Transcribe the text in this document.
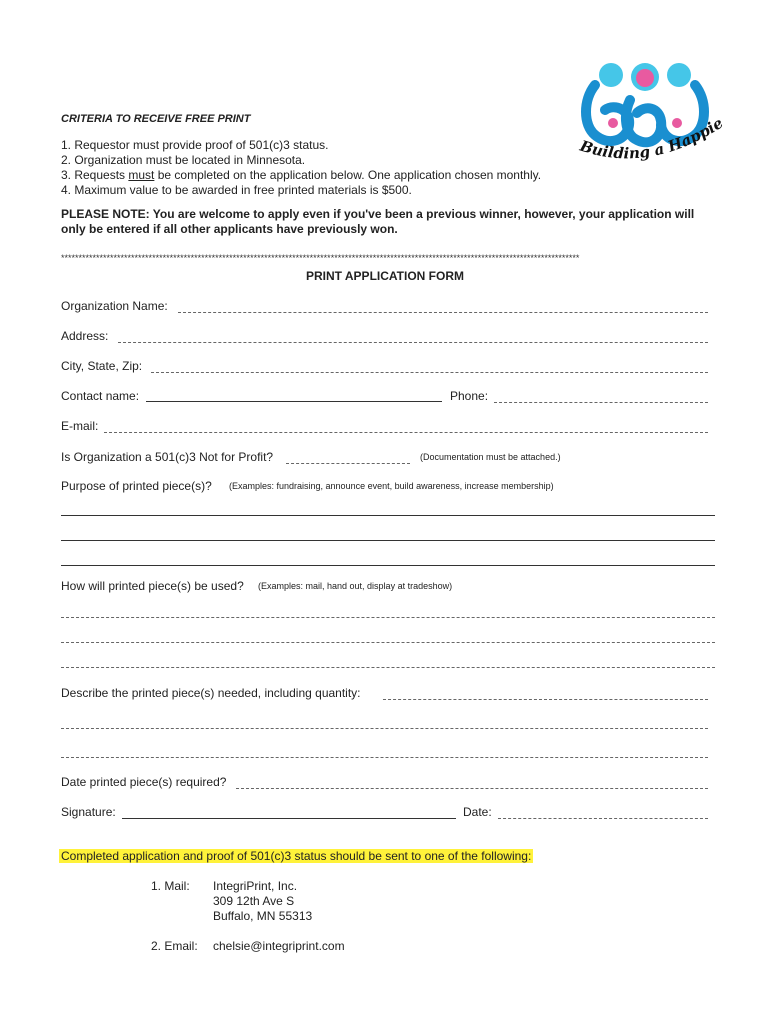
Building a Happie
CRITERIA TO RECEIVE FREE PRINT
1. Requestor must provide proof of 501(c)3 status.
2. Organization must be located in Minnesota.
3. Requests must be completed on the application below. One application chosen monthly.
4. Maximum value to be awarded in free printed materials is $500.
PLEASE NOTE: You are welcome to apply even if you've been a previous winner, however, your application will only be entered if all other applicants have previously won.
****************************************************************************************************************************************************
PRINT APPLICATION FORM
Organization Name:
Address:
City, State, Zip:
Contact name:	Phone:
E-mail:
Is Organization a 501(c)3 Not for Profit?	(Documentation must be attached.)
Purpose of printed piece(s)? (Examples: fundraising, announce event, build awareness, increase membership)
How will printed piece(s) be used? (Examples: mail, hand out, display at tradeshow)
Describe the printed piece(s) needed, including quantity:
Date printed piece(s) required?
Signature:	Date:
Completed application and proof of 501(c)3 status should be sent to one of the following:
1. Mail: IntegriPrint, Inc.
309 12th Ave S
Buffalo, MN 55313
2. Email: chelsie@integriprint.com
